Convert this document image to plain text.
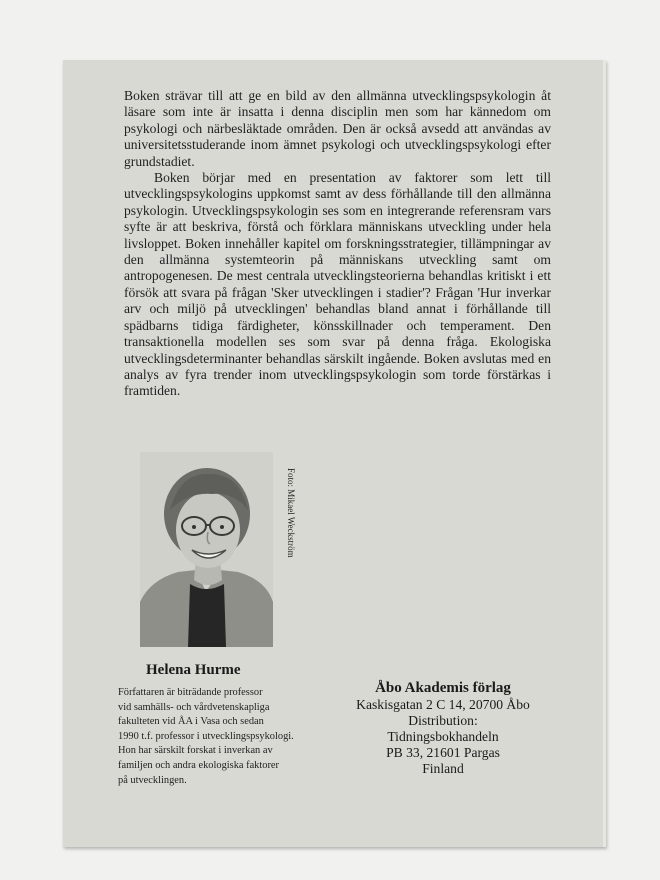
Boken strävar till att ge en bild av den allmänna utvecklingspsykologin åt läsare som inte är insatta i denna disciplin men som har kännedom om psykologi och närbesläktade områden. Den är också avsedd att användas av universitetsstuderande inom ämnet psykologi och utvecklingspsykologi efter grundstadiet.

Boken börjar med en presentation av faktorer som lett till utvecklingspsykologins uppkomst samt av dess förhållande till den allmänna psykologin. Utvecklingspsykologin ses som en integrerande referensram vars syfte är att beskriva, förstå och förklara människans utveckling under hela livsloppet. Boken innehåller kapitel om forskningsstrategier, tillämpningar av den allmänna systemteorin på människans utveckling samt om antropogenesen. De mest centrala utvecklingsteorierna behandlas kritiskt i ett försök att svara på frågan 'Sker utvecklingen i stadier'? Frågan 'Hur inverkar arv och miljö på utvecklingen' behandlas bland annat i förhållande till spädbarns tidiga färdigheter, könsskillnader och temperament. Den transaktionella modellen ses som svar på denna fråga. Ekologiska utvecklingsdeterminanter behandlas särskilt ingående. Boken avslutas med en analys av fyra trender inom utvecklingspsykologin som torde förstärkas i framtiden.

Foto: Mikael Weckström
Helena Hurme
Författaren är biträdande professor
vid samhälls- och vårdvetenskapliga
fakulteten vid ÅA i Vasa och sedan
1990 t.f. professor i utvecklingspsykologi.
Hon har särskilt forskat i inverkan av
familjen och andra ekologiska faktorer
på utvecklingen.
Åbo Akademis förlag
Kaskisgatan 2 C 14, 20700 Åbo
Distribution:
Tidningsbokhandeln
PB 33, 21601 Pargas
Finland
